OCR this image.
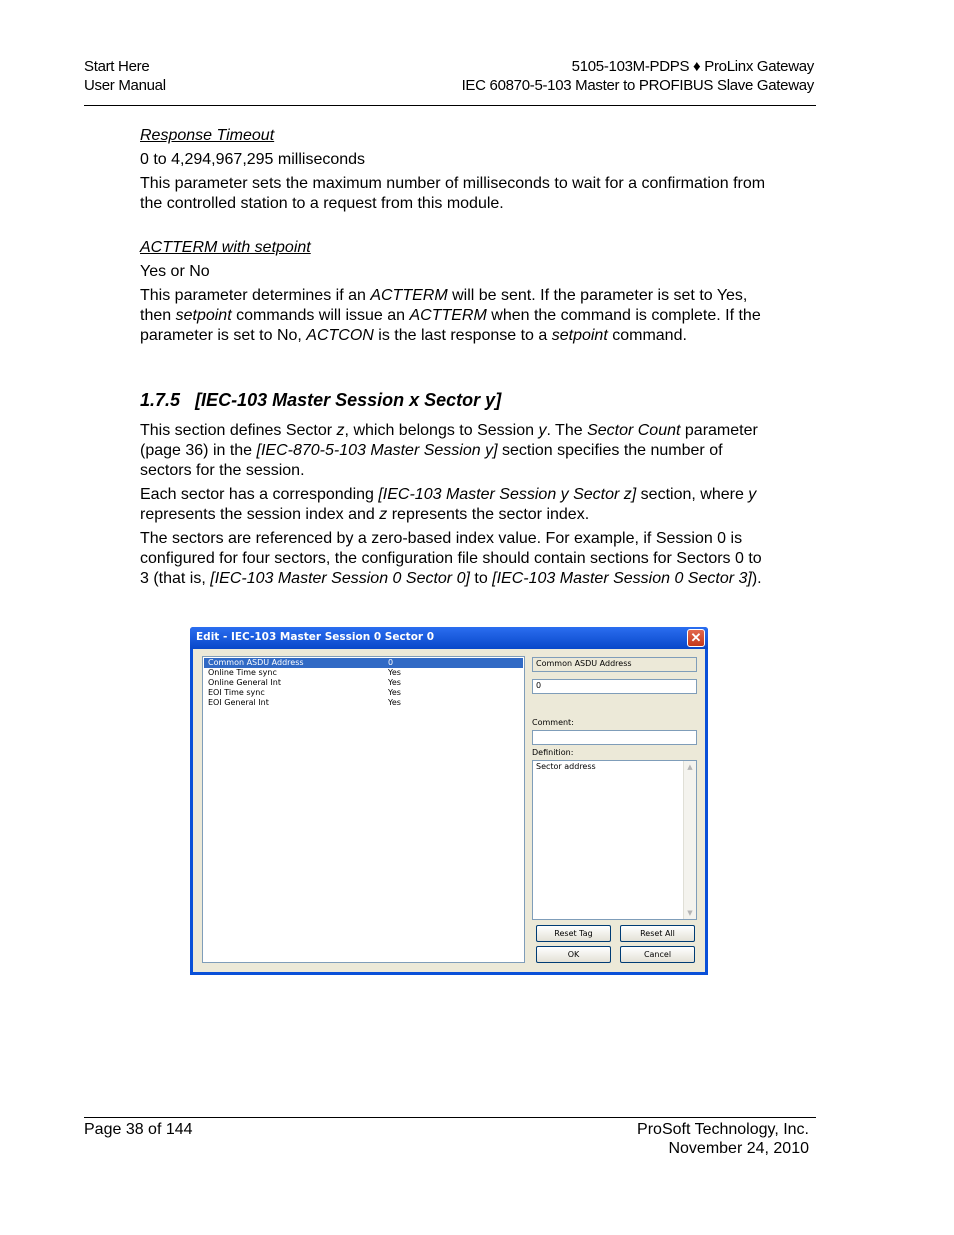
Start Here
User Manual
5105-103M-PDPS ♦ ProLinx Gateway
IEC 60870-5-103 Master to PROFIBUS Slave Gateway

Response Timeout

0 to 4,294,967,295 milliseconds

This parameter sets the maximum number of milliseconds to wait for a confirmation from the controlled station to a request from this module.

ACTTERM with setpoint

Yes or No

This parameter determines if an ACTTERM will be sent. If the parameter is set to Yes, then setpoint commands will issue an ACTTERM when the command is complete. If the parameter is set to No, ACTCON is the last response to a setpoint command.

1.7.5 [IEC-103 Master Session x Sector y]

This section defines Sector z, which belongs to Session y. The Sector Count parameter (page 36) in the [IEC-870-5-103 Master Session y] section specifies the number of sectors for the session.

Each sector has a corresponding [IEC-103 Master Session y Sector z] section, where y represents the session index and z represents the sector index.

The sectors are referenced by a zero-based index value. For example, if Session 0 is configured for four sectors, the configuration file should contain sections for Sectors 0 to 3 (that is, [IEC-103 Master Session 0 Sector 0] to [IEC-103 Master Session 0 Sector 3]).

Edit - IEC-103 Master Session 0 Sector 0	✕
Common ASDU Address	0
Online Time sync	Yes
Online General Int	Yes
EOI Time sync	Yes
EOI General Int	Yes
Common ASDU Address
0
Comment:
Definition:
Sector address	▲
▼
Reset Tag	Reset All
OK	Cancel
Page 38 of 144	ProSoft Technology, Inc.
November 24, 2010
